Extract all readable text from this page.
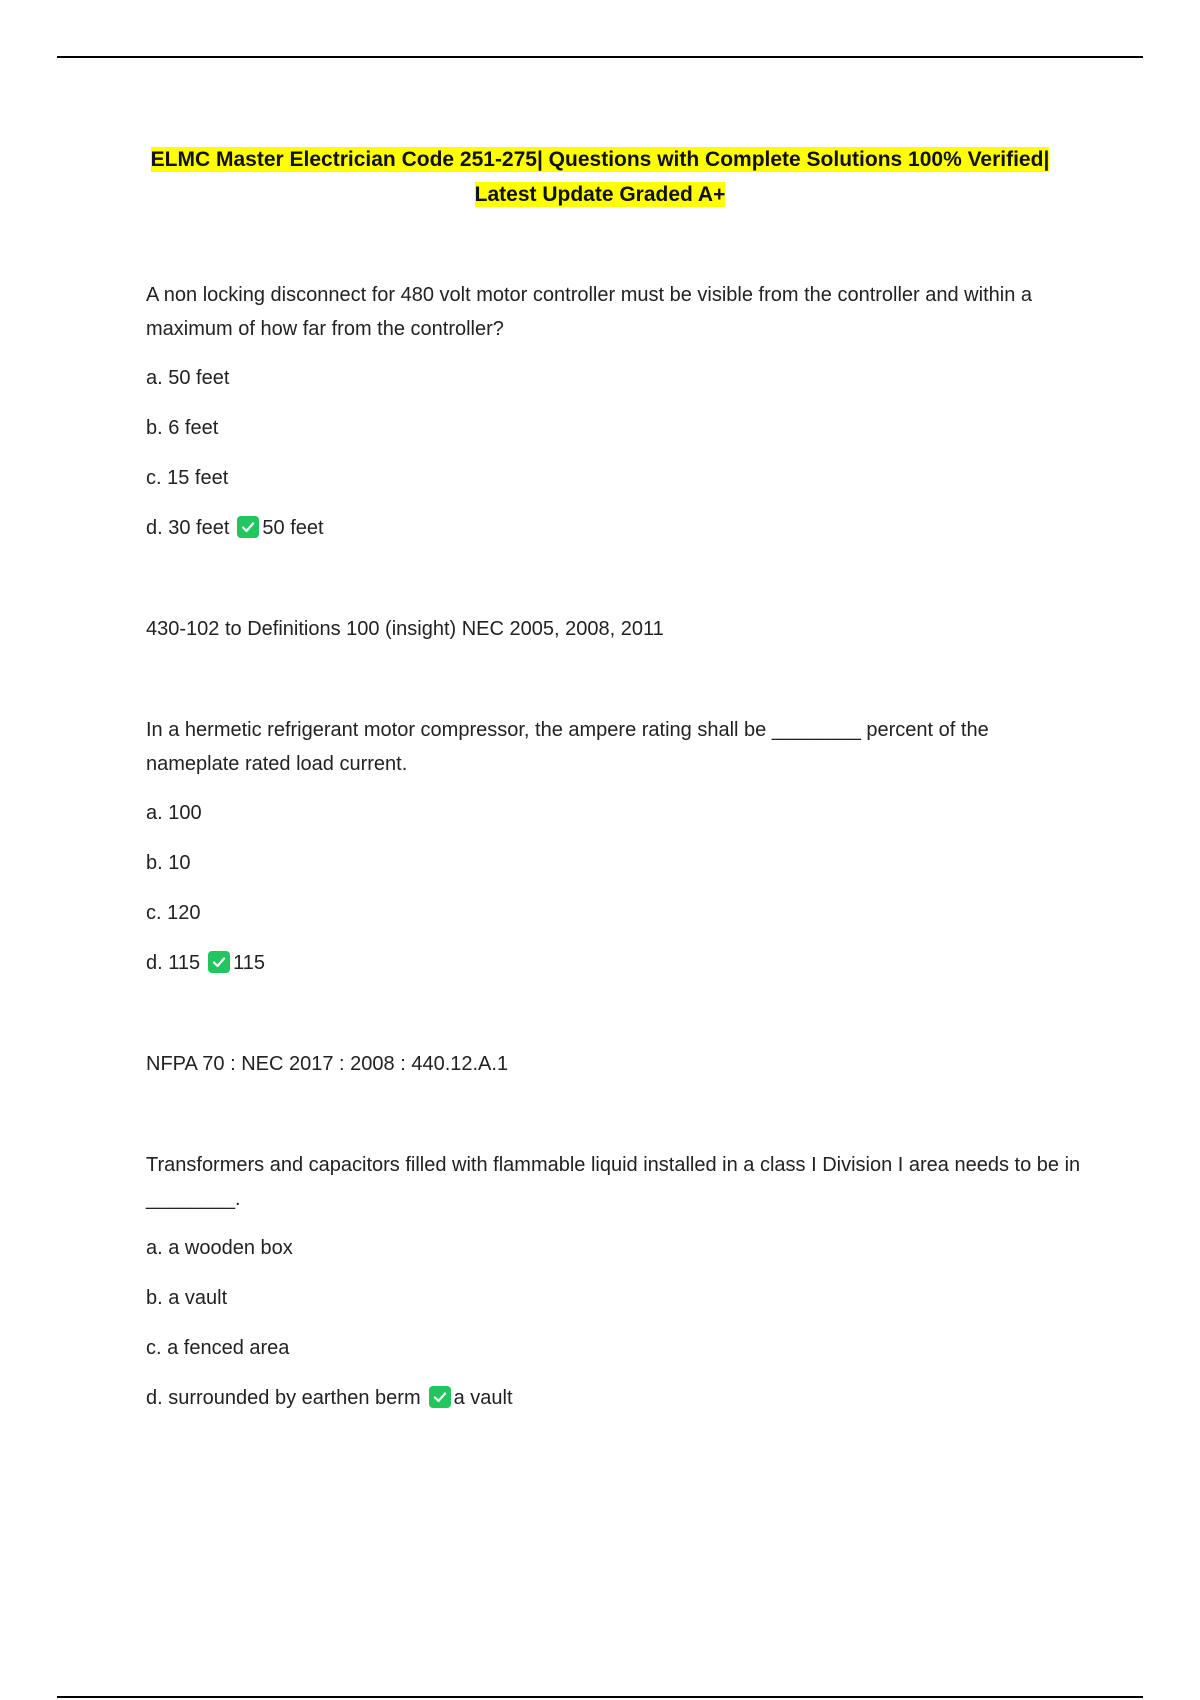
ELMC Master Electrician Code 251-275| Questions with Complete Solutions 100% Verified|
Latest Update Graded A+
A non locking disconnect for 480 volt motor controller must be visible from the controller and within a maximum of how far from the controller?
a. 50 feet
b. 6 feet
c. 15 feet
d. 30 feet 50 feet
430-102 to Definitions 100 (insight) NEC 2005, 2008, 2011
In a hermetic refrigerant motor compressor, the ampere rating shall be ________ percent of the nameplate rated load current.
a. 100
b. 10
c. 120
d. 115 115
NFPA 70 : NEC 2017 : 2008 : 440.12.A.1
Transformers and capacitors filled with flammable liquid installed in a class I Division I area needs to be in ________.
a. a wooden box
b. a vault
c. a fenced area
d. surrounded by earthen berm a vault
